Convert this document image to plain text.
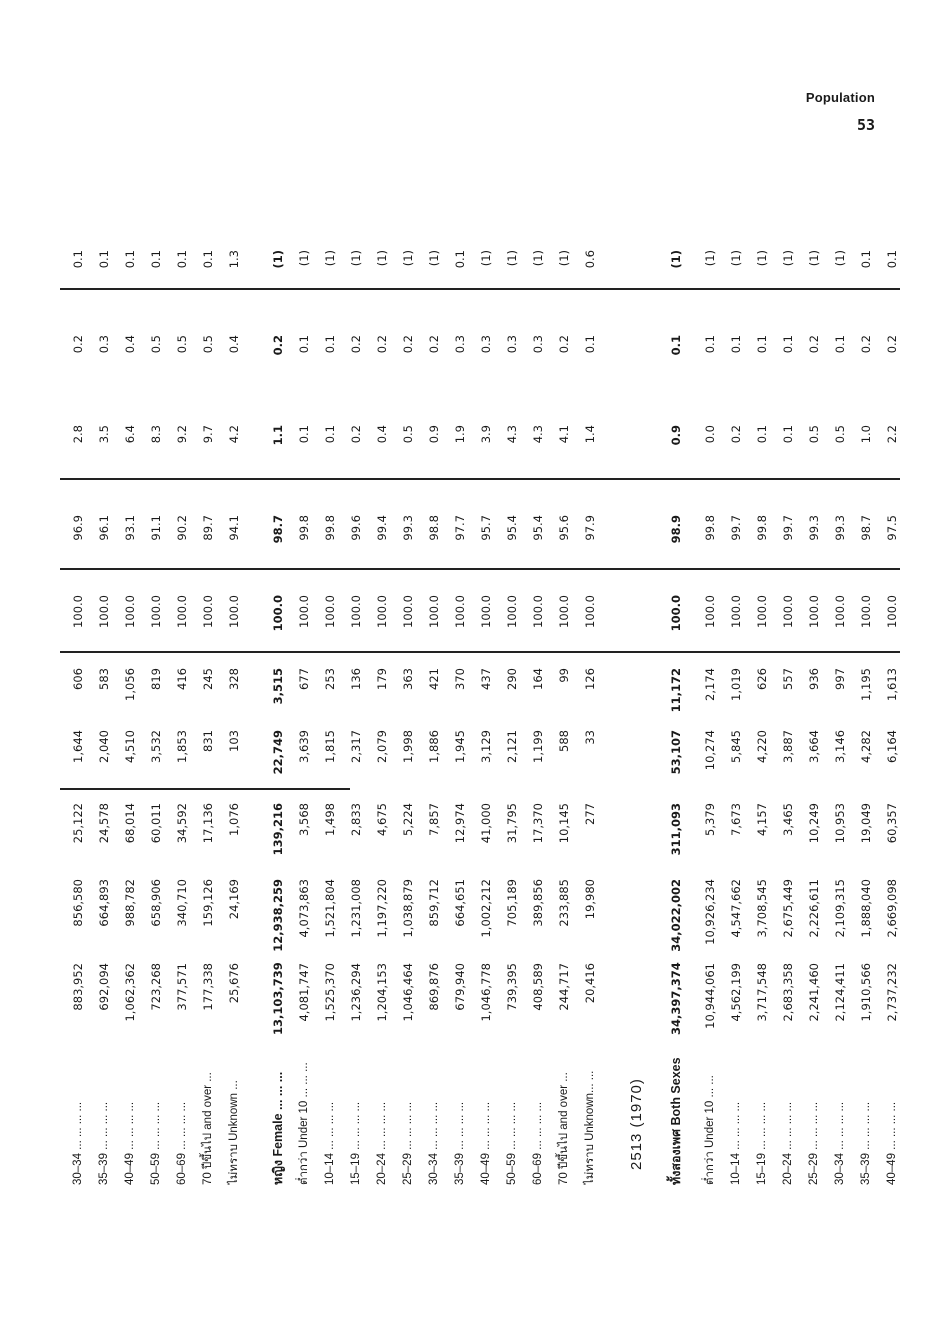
Population
53
30–34 ... ... ... ...
883,952
856,580
25,122
1,644
606
100.0
96.9
2.8
0.2
0.1
35–39 ... ... ... ...
692,094
664,893
24,578
2,040
583
100.0
96.1
3.5
0.3
0.1
40–49 ... ... ... ...
1,062,362
988,782
68,014
4,510
1,056
100.0
93.1
6.4
0.4
0.1
50–59 ... ... ... ...
723,268
658,906
60,011
3,532
819
100.0
91.1
8.3
0.5
0.1
60–69 ... ... ... ...
377,571
340,710
34,592
1,853
416
100.0
90.2
9.2
0.5
0.1
70 ปีขึ้นไป and over ...
177,338
159,126
17,136
831
245
100.0
89.7
9.7
0.5
0.1
ไม่ทราบ Unknown ...
25,676
24,169
1,076
103
328
100.0
94.1
4.2
0.4
1.3
หญิง Female ... ... ...
13,103,739
12,938,259
139,216
22,749
3,515
100.0
98.7
1.1
0.2
(1)
ต่ำกว่า Under 10 ... ... ...
4,081,747
4,073,863
3,568
3,639
677
100.0
99.8
0.1
0.1
(1)
10–14 ... ... ... ...
1,525,370
1,521,804
1,498
1,815
253
100.0
99.8
0.1
0.1
(1)
15–19 ... ... ... ...
1,236,294
1,231,008
2,833
2,317
136
100.0
99.6
0.2
0.2
(1)
20–24 ... ... ... ...
1,204,153
1,197,220
4,675
2,079
179
100.0
99.4
0.4
0.2
(1)
25–29 ... ... ... ...
1,046,464
1,038,879
5,224
1,998
363
100.0
99.3
0.5
0.2
(1)
30–34 ... ... ... ...
869,876
859,712
7,857
1,886
421
100.0
98.8
0.9
0.2
(1)
35–39 ... ... ... ...
679,940
664,651
12,974
1,945
370
100.0
97.7
1.9
0.3
0.1
40–49 ... ... ... ...
1,046,778
1,002,212
41,000
3,129
437
100.0
95.7
3.9
0.3
(1)
50–59 ... ... ... ...
739,395
705,189
31,795
2,121
290
100.0
95.4
4.3
0.3
(1)
60–69 ... ... ... ...
408,589
389,856
17,370
1,199
164
100.0
95.4
4.3
0.3
(1)
70 ปีขึ้นไป and over ...
244,717
233,885
10,145
588
99
100.0
95.6
4.1
0.2
(1)
ไม่ทราบ Unknown... ...
20,416
19,980
277
33
126
100.0
97.9
1.4
0.1
0.6
2513 (1970)	ทั้งสองเพศ Both Sexes
34,397,374
34,022,002
311,093
53,107
11,172
100.0
98.9
0.9
0.1
(1)
ต่ำกว่า Under 10 ... ...
10,944,061
10,926,234
5,379
10,274
2,174
100.0
99.8
0.0
0.1
(1)
10–14 ... ... ... ...
4,562,199
4,547,662
7,673
5,845
1,019
100.0
99.7
0.2
0.1
(1)
15–19 ... ... ... ...
3,717,548
3,708,545
4,157
4,220
626
100.0
99.8
0.1
0.1
(1)
20–24 ... ... ... ...
2,683,358
2,675,449
3,465
3,887
557
100.0
99.7
0.1
0.1
(1)
25–29 ... ... ... ...
2,241,460
2,226,611
10,249
3,664
936
100.0
99.3
0.5
0.2
(1)
30–34 ... ... ... ...
2,124,411
2,109,315
10,953
3,146
997
100.0
99.3
0.5
0.1
(1)
35–39 ... ... ... ...
1,910,566
1,888,040
19,049
4,282
1,195
100.0
98.7
1.0
0.2
0.1
40–49 ... ... ... ...
2,737,232
2,669,098
60,357
6,164
1,613
100.0
97.5
2.2
0.2
0.1
